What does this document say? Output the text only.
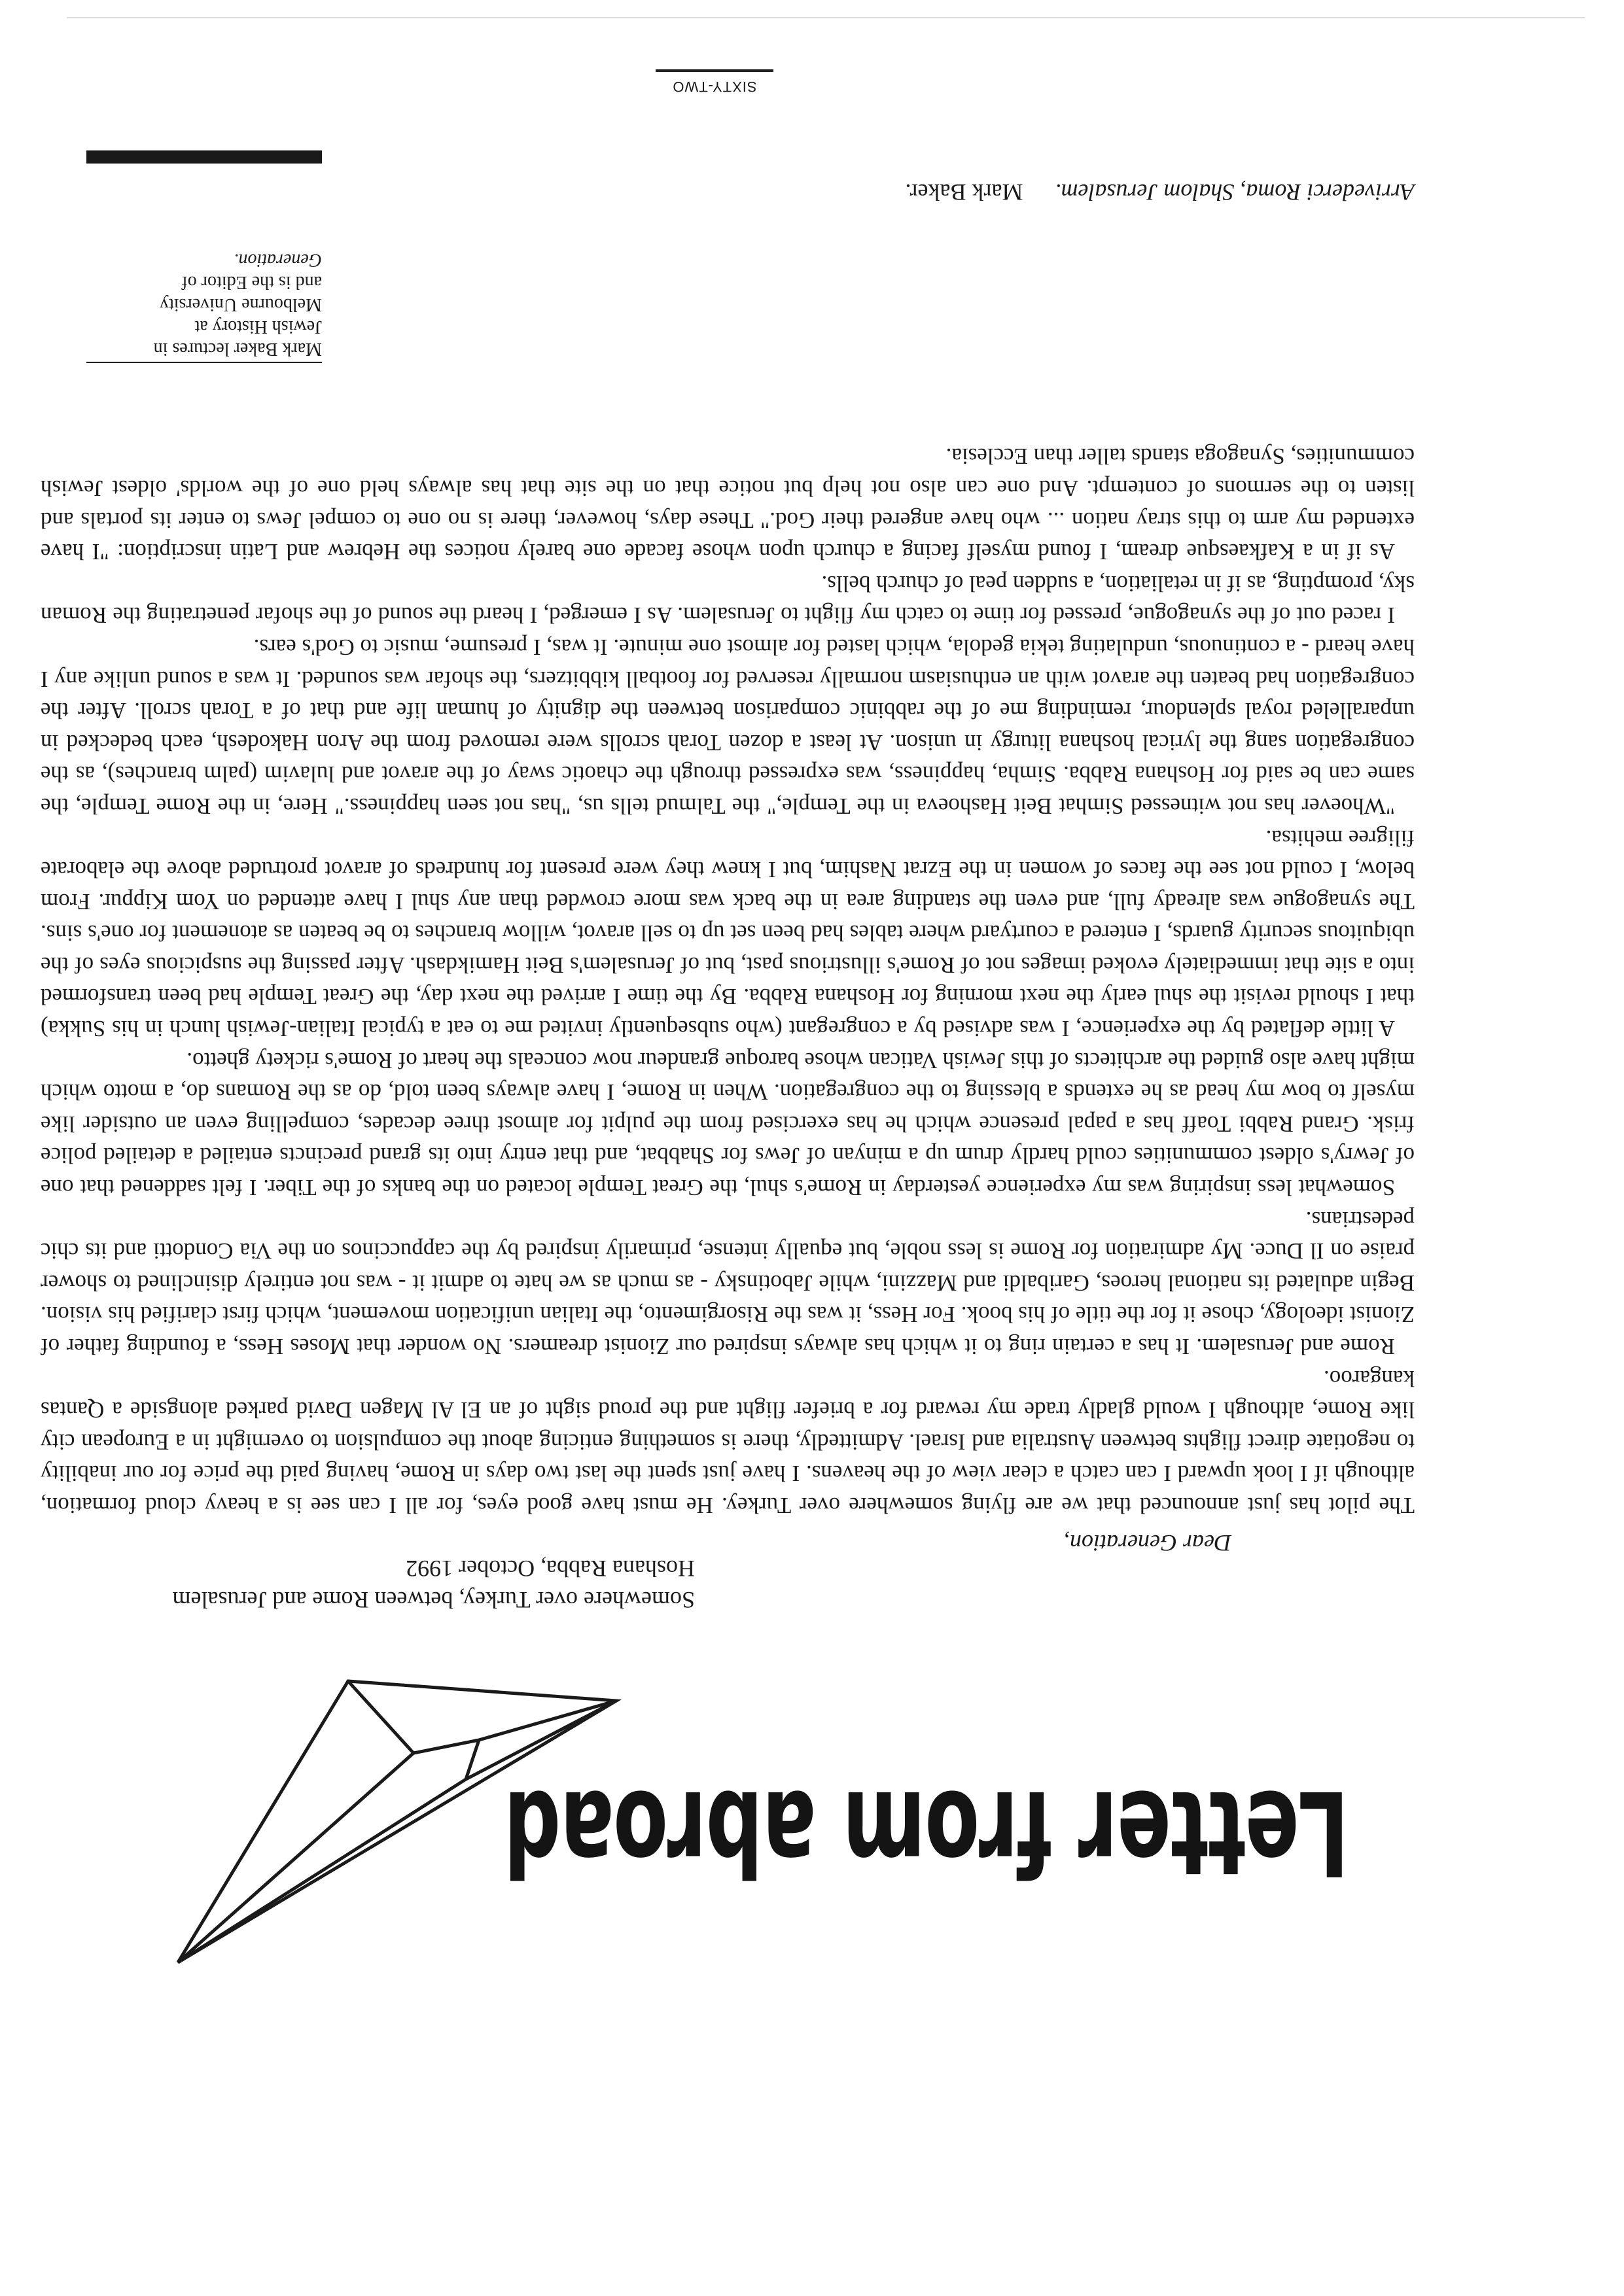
Letter from abroad
Somewhere over Turkey, between Rome and Jerusalem
Hoshana Rabba, October 1992
Dear Generation,

The pilot has just announced that we are flying somewhere over Turkey. He must have good eyes, for all I can see is a heavy cloud formation, although if I look upward I can catch a clear view of the heavens. I have just spent the last two days in Rome, having paid the price for our inability to negotiate direct flights between Australia and Israel. Admittedly, there is something enticing about the compulsion to overnight in a European city like Rome, although I would gladly trade my reward for a briefer flight and the proud sight of an El Al Magen David parked alongside a Qantas kangaroo.

Rome and Jerusalem. It has a certain ring to it which has always inspired our Zionist dreamers. No wonder that Moses Hess, a founding father of Zionist ideology, chose it for the title of his book. For Hess, it was the Risorgimento, the Italian unification movement, which first clarified his vision. Begin adulated its national heroes, Garibaldi and Mazzini, while Jabotinsky - as much as we hate to admit it - was not entirely disinclined to shower praise on Il Duce. My admiration for Rome is less noble, but equally intense, primarily inspired by the cappuccinos on the Via Condotti and its chic pedestrians.

Somewhat less inspiring was my experience yesterday in Rome's shul, the Great Temple located on the banks of the Tiber. I felt saddened that one of Jewry's oldest communities could hardly drum up a minyan of Jews for Shabbat, and that entry into its grand precincts entailed a detailed police frisk. Grand Rabbi Toaff has a papal presence which he has exercised from the pulpit for almost three decades, compelling even an outsider like myself to bow my head as he extends a blessing to the congregation. When in Rome, I have always been told, do as the Romans do, a motto which might have also guided the architects of this Jewish Vatican whose baroque grandeur now conceals the heart of Rome's rickety ghetto.

A little deflated by the experience, I was advised by a congregant (who subsequently invited me to eat a typical Italian-Jewish lunch in his Sukka) that I should revisit the shul early the next morning for Hoshana Rabba. By the time I arrived the next day, the Great Temple had been transformed into a site that immediately evoked images not of Rome's illustrious past, but of Jerusalem's Beit Hamikdash. After passing the suspicious eyes of the ubiquitous security guards, I entered a courtyard where tables had been set up to sell aravot, willow branches to be beaten as atonement for one's sins. The synagogue was already full, and even the standing area in the back was more crowded than any shul I have attended on Yom Kippur. From below, I could not see the faces of women in the Ezrat Nashim, but I knew they were present for hundreds of aravot protruded above the elaborate filigree mehitsa.

"Whoever has not witnessed Simhat Beit Hashoeva in the Temple," the Talmud tells us, "has not seen happiness." Here, in the Rome Temple, the same can be said for Hoshana Rabba. Simha, happiness, was expressed through the chaotic sway of the aravot and lulavim (palm branches), as the congregation sang the lyrical hoshana liturgy in unison. At least a dozen Torah scrolls were removed from the Aron Hakodesh, each bedecked in unparalleled royal splendour, reminding me of the rabbinic comparison between the dignity of human life and that of a Torah scroll. After the congregation had beaten the aravot with an enthusiasm normally reserved for football kibbitzers, the shofar was sounded. It was a sound unlike any I have heard - a continuous, undulating tekia gedola, which lasted for almost one minute. It was, I presume, music to God's ears.

I raced out of the synagogue, pressed for time to catch my flight to Jerusalem. As I emerged, I heard the sound of the shofar penetrating the Roman sky, prompting, as if in retaliation, a sudden peal of church bells.

As if in a Kafkaesque dream, I found myself facing a church upon whose facade one barely notices the Hebrew and Latin inscription: "I have extended my arm to this stray nation ... who have angered their God." These days, however, there is no one to compel Jews to enter its portals and listen to the sermons of contempt. And one can also not help but notice that on the site that has always held one of the worlds' oldest Jewish communities, Synagoga stands taller than Ecclesia.

Arrivederci Roma, Shalom Jerusalem. Mark Baker.
Mark Baker lectures in
Jewish History at
Melbourne University
and is the Editor of
Generation.
SIXTY-TWO
